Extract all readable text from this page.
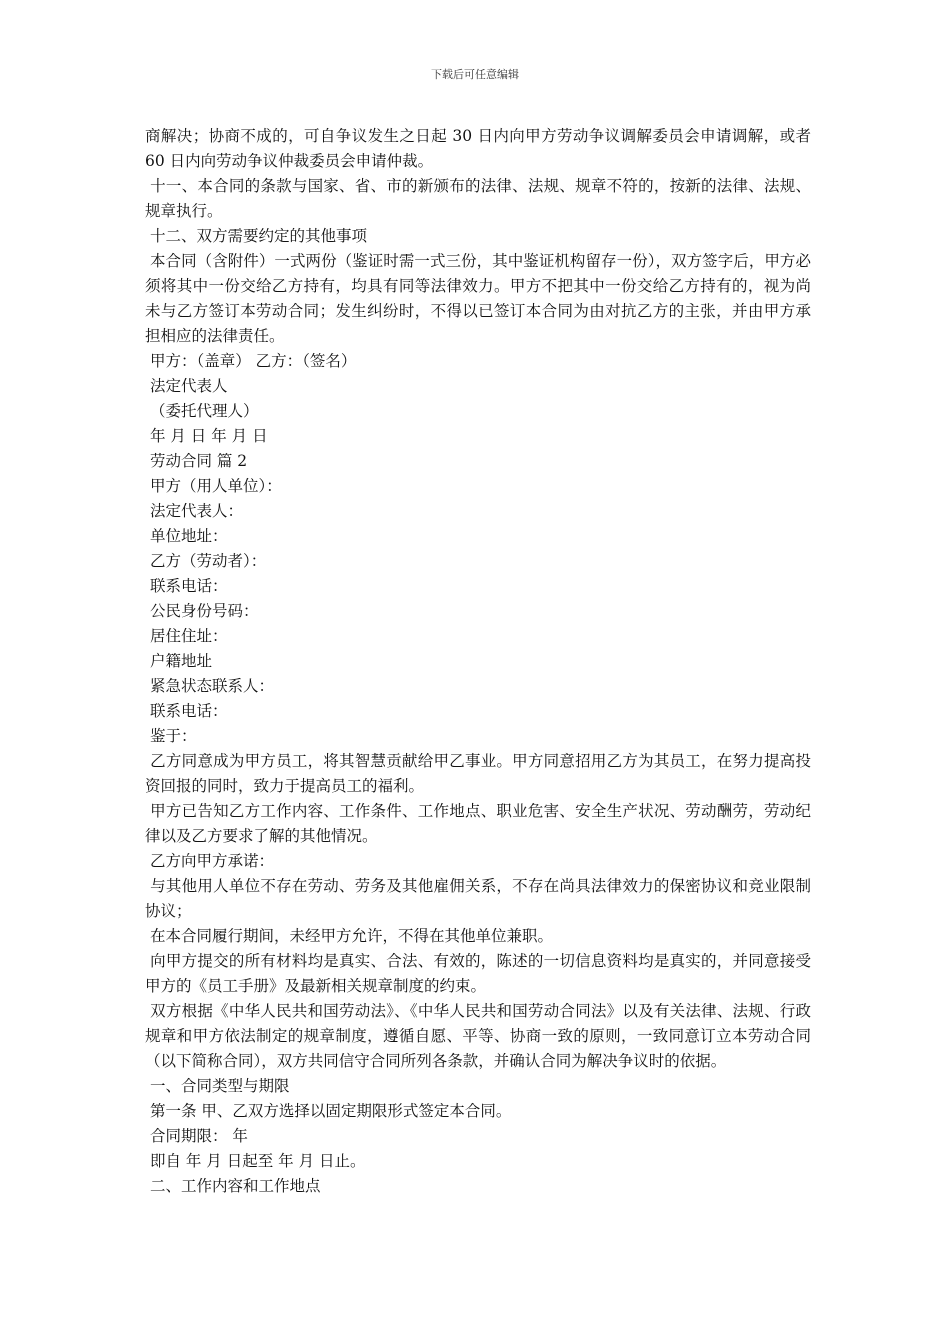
下载后可任意编辑

商解决；协商不成的，可自争议发生之日起 30 日内向甲方劳动争议调解委员会申请调解，或者 60 日内向劳动争议仲裁委员会申请仲裁。

十一、本合同的条款与国家、省、市的新颁布的法律、法规、规章不符的，按新的法律、法规、规章执行。

十二、双方需要约定的其他事项

本合同（含附件）一式两份（鉴证时需一式三份，其中鉴证机构留存一份），双方签字后，甲方必须将其中一份交给乙方持有，均具有同等法律效力。甲方不把其中一份交给乙方持有的，视为尚未与乙方签订本劳动合同；发生纠纷时，不得以已签订本合同为由对抗乙方的主张，并由甲方承担相应的法律责任。

甲方：（盖章） 乙方：（签名）

法定代表人

（委托代理人）

年 月 日 年 月 日

劳动合同 篇 2

甲方（用人单位）：

法定代表人：

单位地址：

乙方（劳动者）：

联系电话：

公民身份号码：

居住住址：

户籍地址

紧急状态联系人：

联系电话：

鉴于：

乙方同意成为甲方员工，将其智慧贡献给甲乙事业。甲方同意招用乙方为其员工，在努力提高投资回报的同时，致力于提高员工的福利。

甲方已告知乙方工作内容、工作条件、工作地点、职业危害、安全生产状况、劳动酬劳，劳动纪律以及乙方要求了解的其他情况。

乙方向甲方承诺：

与其他用人单位不存在劳动、劳务及其他雇佣关系，不存在尚具法律效力的保密协议和竞业限制协议；

在本合同履行期间，未经甲方允许，不得在其他单位兼职。

向甲方提交的所有材料均是真实、合法、有效的，陈述的一切信息资料均是真实的，并同意接受甲方的《员工手册》及最新相关规章制度的约束。

双方根据《中华人民共和国劳动法》、《中华人民共和国劳动合同法》以及有关法律、法规、行政规章和甲方依法制定的规章制度，遵循自愿、平等、协商一致的原则，一致同意订立本劳动合同（以下简称合同），双方共同信守合同所列各条款，并确认合同为解决争议时的依据。

一、合同类型与期限

第一条 甲、乙双方选择以固定期限形式签定本合同。

合同期限： 年

即自 年 月 日起至 年 月 日止。

二、工作内容和工作地点
